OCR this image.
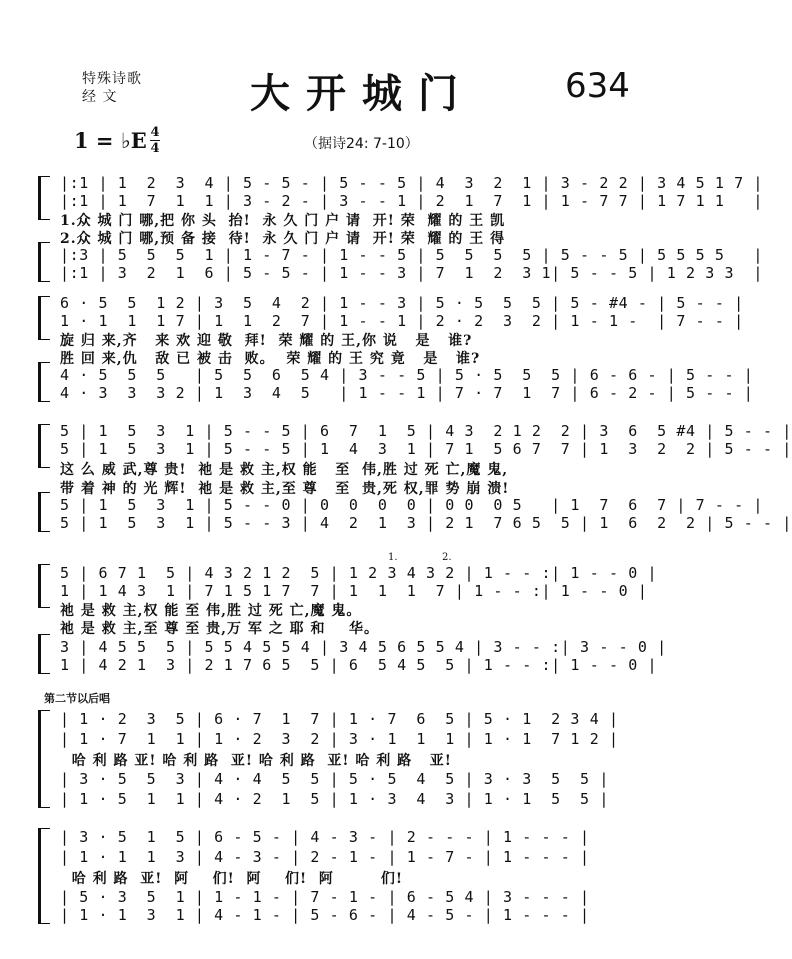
特殊诗歌
经 文	大开城门	634
1 = ♭E 4
4	（据诗24: 7-10）
第二节以后唱
|:1 | 1  2  3  4 | 5 - 5 - | 5 - - 5 | 4  3  2  1 | 3 - 2 2 | 3 4 5 1 7 |
|:1 | 1  7  1  1 | 3 - 2 - | 3 - - 1 | 2  1  7  1 | 1 - 7 7 | 1 7 1 1   |
1.众 城 门 哪,把 你 头  抬!  永 久 门 户 请  开! 荣  耀 的 王 凯
2.众 城 门 哪,预 备 接  待!  永 久 门 户 请  开! 荣  耀 的 王 得
|:3 | 5  5  5  1 | 1 - 7 - | 1 - - 5 | 5  5  5  5 | 5 - - 5 | 5 5 5 5   |
|:1 | 3  2  1  6 | 5 - 5 - | 1 - - 3 | 7  1  2  3 1| 5 - - 5 | 1 2 3 3  |
6 · 5  5  1 2 | 3  5  4  2 | 1 - - 3 | 5 · 5  5  5 | 5 - #4 - | 5 - - |
1 · 1  1  1 7 | 1  1  2  7 | 1 - - 1 | 2 · 2  3  2 | 1 - 1 -  | 7 - - |
旋 归 来,齐   来 欢 迎 敬  拜!  荣 耀 的 王,你 说   是   谁?
胜 回 来,仇   敌 已 被 击  败。  荣 耀 的 王 究 竟   是   谁?
4 · 5  5  5   | 5  5  6  5 4 | 3 - - 5 | 5 · 5  5  5 | 6 - 6 - | 5 - - |
4 · 3  3  3 2 | 1  3  4  5   | 1 - - 1 | 7 · 7  1  7 | 6 - 2 - | 5 - - |
5 | 1  5  3  1 | 5 - - 5 | 6  7  1  5 | 4 3  2 1 2  2 | 3  6  5 #4 | 5 - - |
5 | 1  5  3  1 | 5 - - 5 | 1  4  3  1 | 7 1  5 6 7  7 | 1  3  2  2 | 5 - - |
这 么 威 武,尊 贵!  祂 是 救 主,权 能   至  伟,胜 过 死 亡,魔 鬼,
带 着 神 的 光 辉!  祂 是 救 主,至 尊   至  贵,死 权,罪 势 崩 溃!
5 | 1  5  3  1 | 5 - - 0 | 0  0  0  0 | 0 0  0 5   | 1  7  6  7 | 7 - - |
5 | 1  5  3  1 | 5 - - 3 | 4  2  1  3 | 2 1  7 6 5  5 | 1  6  2  2 | 5 - - |
1.	2.
5 | 6 7 1  5 | 4 3 2 1 2  5 | 1 2 3 4 3 2 | 1 - - :| 1 - - 0 |
1 | 1 4 3  1 | 7 1 5 1 7  7 | 1  1  1  7 | 1 - - :| 1 - - 0 |
祂 是 救 主,权 能 至 伟,胜 过 死 亡,魔 鬼。
祂 是 救 主,至 尊 至 贵,万 军 之 耶 和    华。
3 | 4 5 5  5 | 5 5 4 5 5 4 | 3 4 5 6 5 5 4 | 3 - - :| 3 - - 0 |
1 | 4 2 1  3 | 2 1 7 6 5  5 | 6  5 4 5  5 | 1 - - :| 1 - - 0 |
| 1 · 2  3  5 | 6 · 7  1  7 | 1 · 7  6  5 | 5 · 1  2 3 4 |
| 1 · 7  1  1 | 1 · 2  3  2 | 3 · 1  1  1 | 1 · 1  7 1 2 |
哈 利 路 亚! 哈 利 路  亚! 哈 利 路  亚! 哈 利 路   亚!
| 3 · 5  5  3 | 4 · 4  5  5 | 5 · 5  4  5 | 3 · 3  5  5 |
| 1 · 5  1  1 | 4 · 2  1  5 | 1 · 3  4  3 | 1 · 1  5  5 |
| 3 · 5  1  5 | 6 - 5 - | 4 - 3 - | 2 - - - | 1 - - - |
| 1 · 1  1  3 | 4 - 3 - | 2 - 1 - | 1 - 7 - | 1 - - - |
哈 利 路  亚!  阿    们!  阿    们!  阿        们!
| 5 · 3  5  1 | 1 - 1 - | 7 - 1 - | 6 - 5 4 | 3 - - - |
| 1 · 1  3  1 | 4 - 1 - | 5 - 6 - | 4 - 5 - | 1 - - - |
